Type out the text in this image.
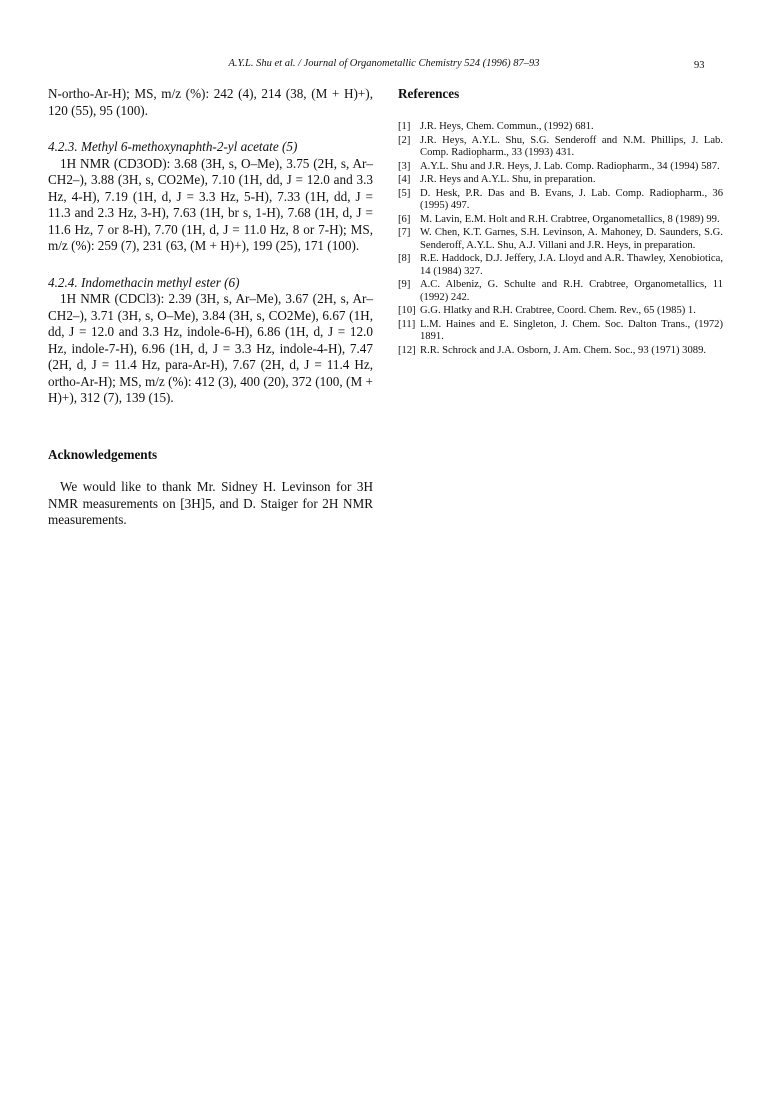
A.Y.L. Shu et al. / Journal of Organometallic Chemistry 524 (1996) 87–93	93

N-ortho-Ar-H); MS, m/z (%): 242 (4), 214 (38, (M + H)+), 120 (55), 95 (100).

4.2.3. Methyl 6-methoxynaphth-2-yl acetate (5)

1H NMR (CD3OD): 3.68 (3H, s, O–Me), 3.75 (2H, s, Ar–CH2–), 3.88 (3H, s, CO2Me), 7.10 (1H, dd, J = 12.0 and 3.3 Hz, 4-H), 7.19 (1H, d, J = 3.3 Hz, 5-H), 7.33 (1H, dd, J = 11.3 and 2.3 Hz, 3-H), 7.63 (1H, br s, 1-H), 7.68 (1H, d, J = 11.6 Hz, 7 or 8-H), 7.70 (1H, d, J = 11.0 Hz, 8 or 7-H); MS, m/z (%): 259 (7), 231 (63, (M + H)+), 199 (25), 171 (100).

4.2.4. Indomethacin methyl ester (6)

1H NMR (CDCl3): 2.39 (3H, s, Ar–Me), 3.67 (2H, s, Ar–CH2–), 3.71 (3H, s, O–Me), 3.84 (3H, s, CO2Me), 6.67 (1H, dd, J = 12.0 and 3.3 Hz, indole-6-H), 6.86 (1H, d, J = 12.0 Hz, indole-7-H), 6.96 (1H, d, J = 3.3 Hz, indole-4-H), 7.47 (2H, d, J = 11.4 Hz, para-Ar-H), 7.67 (2H, d, J = 11.4 Hz, ortho-Ar-H); MS, m/z (%): 412 (3), 400 (20), 372 (100, (M + H)+), 312 (7), 139 (15).

Acknowledgements

We would like to thank Mr. Sidney H. Levinson for 3H NMR measurements on [3H]5, and D. Staiger for 2H NMR measurements.

References

[1] J.R. Heys, Chem. Commun., (1992) 681.
[2] J.R. Heys, A.Y.L. Shu, S.G. Senderoff and N.M. Phillips, J. Lab. Comp. Radiopharm., 33 (1993) 431.
[3] A.Y.L. Shu and J.R. Heys, J. Lab. Comp. Radiopharm., 34 (1994) 587.
[4] J.R. Heys and A.Y.L. Shu, in preparation.
[5] D. Hesk, P.R. Das and B. Evans, J. Lab. Comp. Radiopharm., 36 (1995) 497.
[6] M. Lavin, E.M. Holt and R.H. Crabtree, Organometallics, 8 (1989) 99.
[7] W. Chen, K.T. Garnes, S.H. Levinson, A. Mahoney, D. Saunders, S.G. Senderoff, A.Y.L. Shu, A.J. Villani and J.R. Heys, in preparation.
[8] R.E. Haddock, D.J. Jeffery, J.A. Lloyd and A.R. Thawley, Xenobiotica, 14 (1984) 327.
[9] A.C. Albeniz, G. Schulte and R.H. Crabtree, Organometallics, 11 (1992) 242.
[10] G.G. Hlatky and R.H. Crabtree, Coord. Chem. Rev., 65 (1985) 1.
[11] L.M. Haines and E. Singleton, J. Chem. Soc. Dalton Trans., (1972) 1891.
[12] R.R. Schrock and J.A. Osborn, J. Am. Chem. Soc., 93 (1971) 3089.
